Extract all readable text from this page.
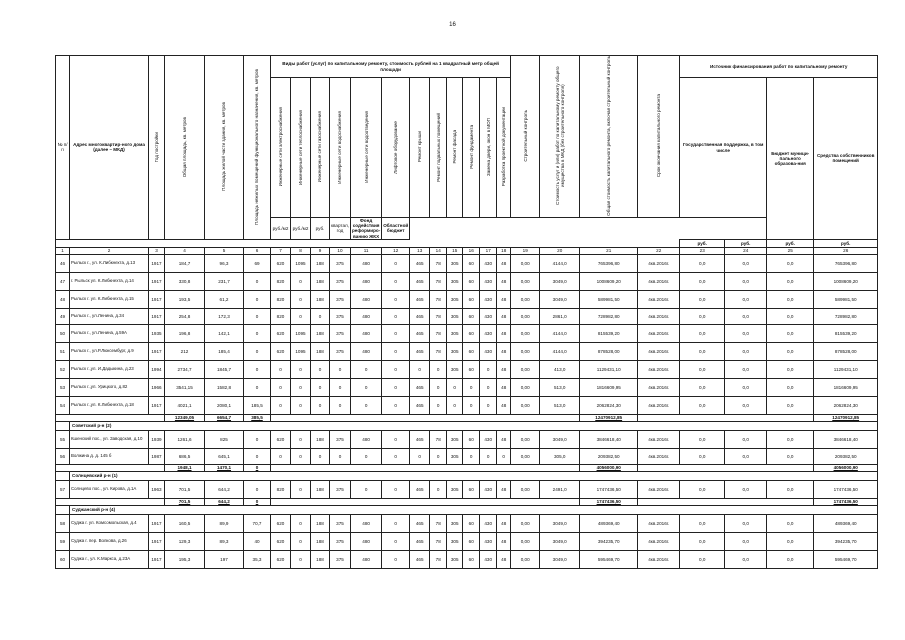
16
№ п/п	Адрес многоквартир-ного дома (далее – МКД)	Год постройки	Общая площадь, кв. метров	Площадь жилой части здания, кв. метров	Площадь нежилых помещений функционального назначения, кв. метров	Виды работ (услуг) по капитальному ремонту, стоимость рублей на 1 квадратный метр общей площади												Строительный контроль	Стоимость услуг и (или) работ по капитальному ремонту общего имущества в МКД (без строительного контроля)	Общая стоимость капитального ремонта, включая строительный контроль	Срок окончания капитального ремонта	Источник финансирования работ по капитальному ремонту			
						Инженерные сети электроснабжения	Инженерные сети теплоснабжения	Инженерные сети газоснабжения	Инженерные сети водоснабжения	Инженерные сети водоотведения	Лифтовое оборудование	Ремонт крыши	Ремонт подвальных помещений	Ремонт фасада	Ремонт фундамента	Замена двери, окон в МОП	Разработка проектной документации					Государственная поддержка, в том числе		Бюджет муници-пального образова-ния	Средства собственников помещений
						руб./м2	руб./м2	руб.	квартал, год	Фонд содействия реформиро-ванию ЖКХ	Областной бюджет														
																						руб.	руб.	руб.	руб.
1	2	3	4	5	6	7	8	9	10	11	12	13	14	15	16	17	18	19	20	21	22	23	24	25	26
46	Рыльск г., ул. К.Либкнехта, д.13	1917	184,7	96,3	69	620	1095	188	375	480	0	465	78	305	60	430	48	0,00	4144,0	765396,80	4кв.2016г.	0,0	0,0	0,0	765396,80
47	г. Рыльск ул. К.Либкнехта, д.14	1917	330,8	231,7	0	820	0	188	375	480	0	465	78	305	60	430	48	0,00	3049,0	1008609,20	4кв.2016г.	0,0	0,0	0,0	1008609,20
48	Рыльск г. ул. К.Либкнехта, д.15	1917	193,5	61,2	0	820	0	188	375	480	0	465	78	305	60	430	48	0,00	3049,0	589981,50	4кв.2016г.	0,0	0,0	0,0	589981,50
49	Рыльск г., ул.Ленина, д.34	1917	254,8	172,3	0	820	0	0	375	480	0	465	78	305	60	430	48	0,00	2861,0	728982,80	4кв.2016г.	0,0	0,0	0,0	728982,80
50	Рыльск г., ул.Ленина, д.59А	1935	196,8	142,1	0	620	1095	188	375	480	0	465	78	305	60	430	48	0,00	4144,0	815539,20	4кв.2016г.	0,0	0,0	0,0	815539,20
51	Рыльск г., ул.Р.Люксембург, д.9	1917	212	185,4	0	620	1095	188	375	480	0	465	78	305	60	430	48	0,00	4144,0	878528,00	4кв.2016г.	0,0	0,0	0,0	878528,00
52	Рыльск г.,ул. И.Дадыкина, д.23	1994	2734,7	1845,7	0	0	0	0	0	0	0	0	0	305	60	0	48	0,00	413,0	1129431,10	4кв.2016г.	0,0	0,0	0,0	1129431,10
53	Рыльск г.,ул. Урицкого, д.82	1966	3541,15	1582,8	0	0	0	0	0	0	0	465	0	0	0	0	48	0,00	513,0	1816609,95	4кв.2016г.	0,0	0,0	0,0	1816609,95
54	Рыльск г.,ул. К.Либкнехта, д.18	1917	4021,1	2080,1	185,5	0	0	0	0	0	0	465	0	0	0	0	48	0,00	513,0	2062824,30	4кв.2016г.	0,0	0,0	0,0	2062824,30
			12349,05	6654,7	385,5															12470912,85					12470912,85
	Советский р-н (2)																								
55	Кшенский пос., ул. Заводская, д.10	1939	1261,6	825	0	620	0	188	375	480	0	465	78	305	60	430	48	0,00	3049,0	3846618,40	4кв.2016г.	0,0	0,0	0,0	3846618,40
56	Волжина д. д. 145 б	1987	686,5	645,1	0	0	0	0	0	0	0	0	0	305	0	0	0	0,00	305,0	209382,50	4кв.2016г.	0,0	0,0	0,0	209382,50
			1948,1	1470,1	0															4056000,90					4056000,90
	Солнцевский р-н (1)																								
57	Солнцево пос., ул. Кирова, д.1А	1963	701,5	644,2	0	820	0	188	375	0	0	465	0	305	60	430	48	0,00	2491,0	1747436,50	4кв.2016г.	0,0	0,0	0,0	1747436,50
			701,5	644,2	0															1747436,50					1747436,50
	Суджанский р-н (4)																								
58	Суджа г. ул. Комсомольская, д.4	1917	160,5	89,9	70,7	620	0	188	375	480	0	465	78	305	60	430	48	0,00	3049,0	489369,40	4кв.2016г.	0,0	0,0	0,0	489369,40
59	Суджа г. пер. Волкова, д.26	1917	129,3	89,3	40	620	0	188	375	480	0	465	78	305	60	430	48	0,00	3049,0	394235,70	4кв.2016г.	0,0	0,0	0,0	394235,70
60	Суджа г., ул. К.Маркса, д.23А	1917	195,3	197	35,3	620	0	188	375	480	0	465	78	305	60	430	48	0,00	3049,0	595469,70	4кв.2016г.	0,0	0,0	0,0	595469,70
